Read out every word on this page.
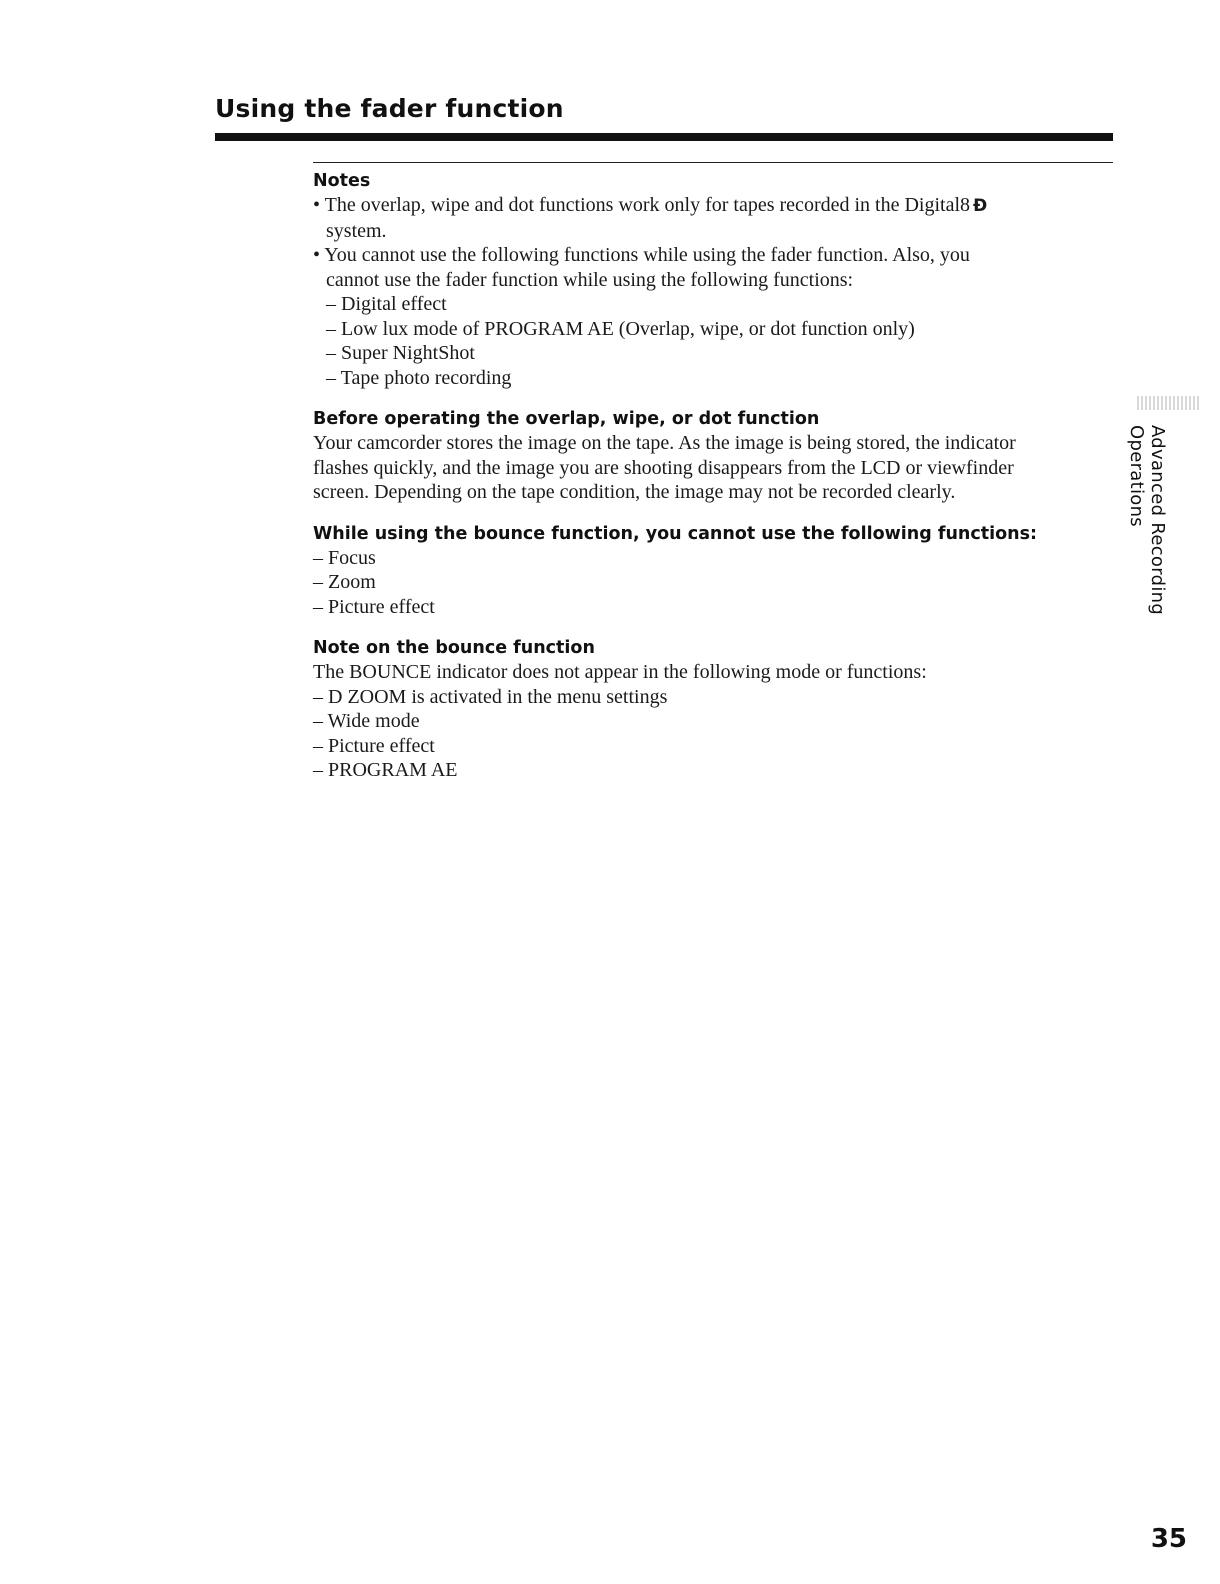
Using the fader function
Notes
• The overlap, wipe and dot functions work only for tapes recorded in the Digital8 Ð
system.
• You cannot use the following functions while using the fader function. Also, you
cannot use the fader function while using the following functions:
– Digital effect
– Low lux mode of PROGRAM AE (Overlap, wipe, or dot function only)
– Super NightShot
– Tape photo recording
Before operating the overlap, wipe, or dot function

Your camcorder stores the image on the tape. As the image is being stored, the indicator
flashes quickly, and the image you are shooting disappears from the LCD or viewfinder
screen. Depending on the tape condition, the image may not be recorded clearly.

While using the bounce function, you cannot use the following functions:
– Focus
– Zoom
– Picture effect
Note on the bounce function

The BOUNCE indicator does not appear in the following mode or functions:

– D ZOOM is activated in the menu settings
– Wide mode
– Picture effect
– PROGRAM AE
Advanced Recording Operations
35
